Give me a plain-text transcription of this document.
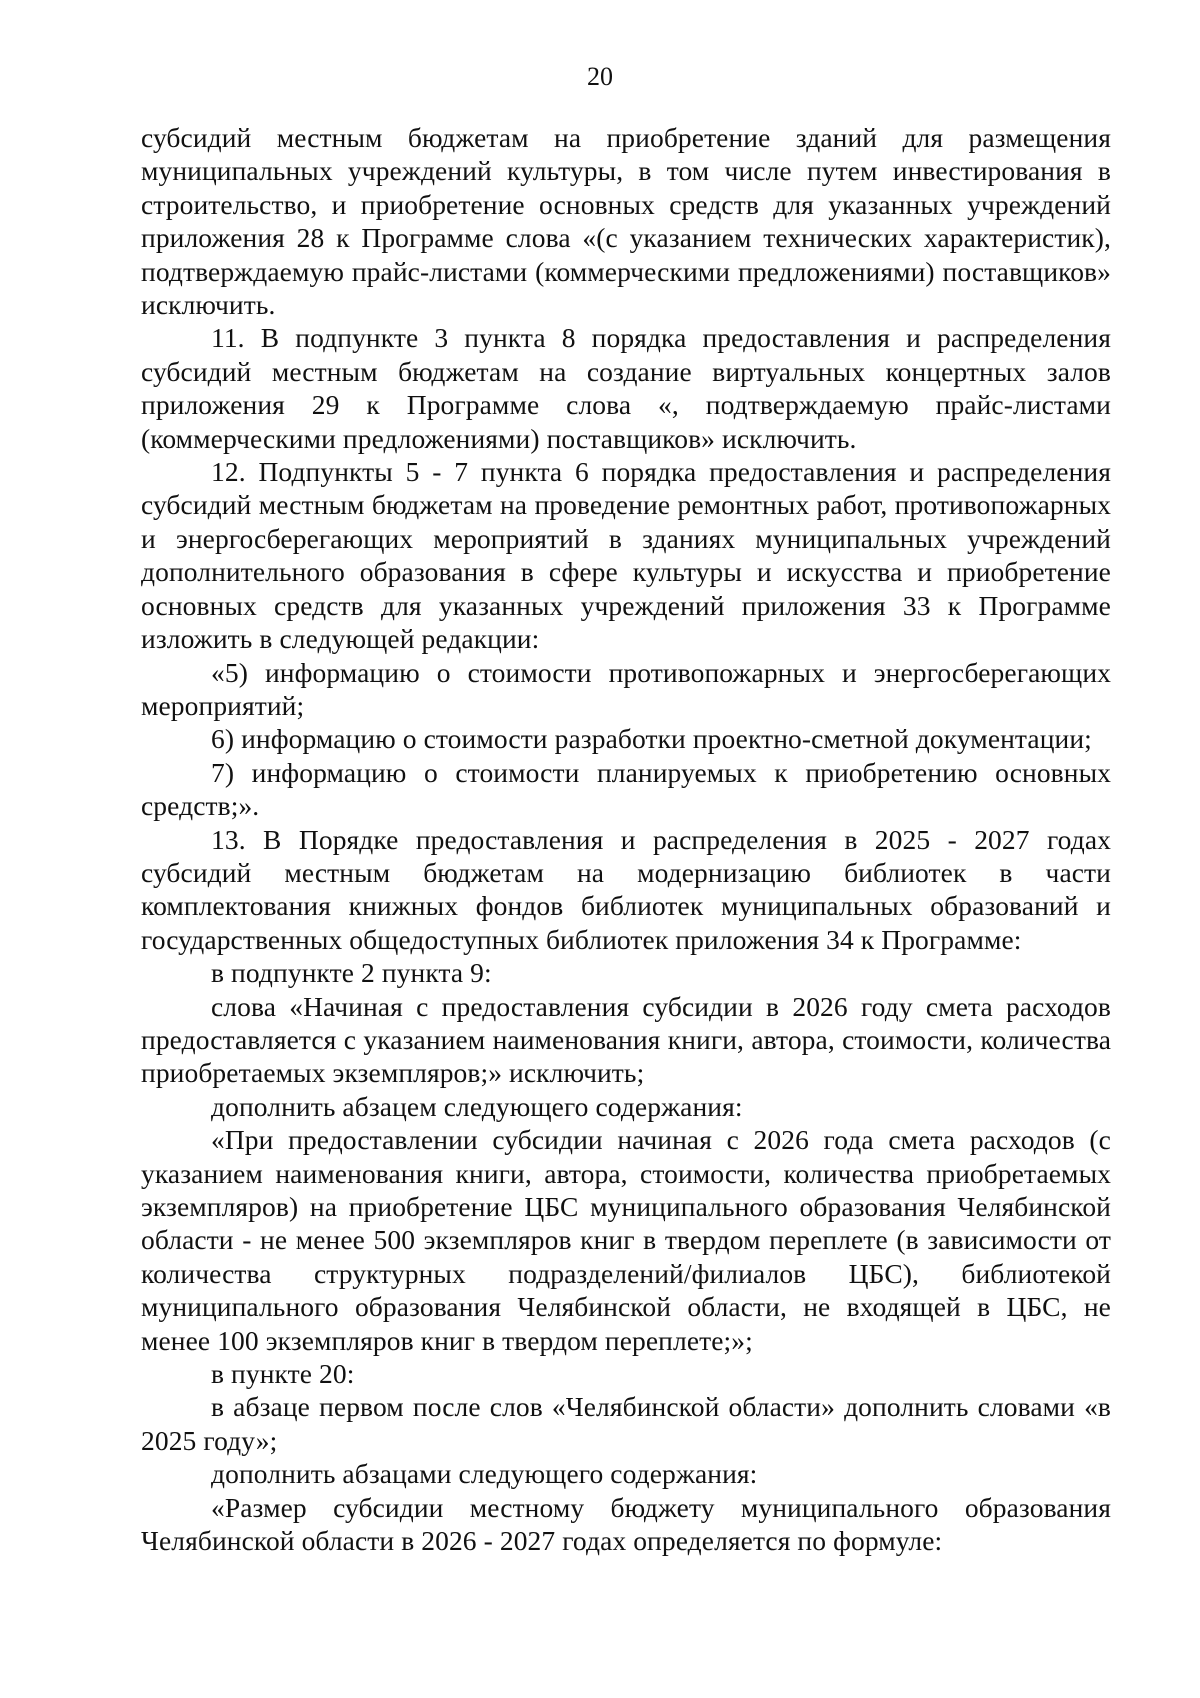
20

субсидий местным бюджетам на приобретение зданий для размещения муниципальных учреждений культуры, в том числе путем инвестирования в строительство, и приобретение основных средств для указанных учреждений приложения 28 к Программе слова «(с указанием технических характеристик), подтверждаемую прайс-листами (коммерческими предложениями) поставщиков» исключить.

11. В подпункте 3 пункта 8 порядка предоставления и распределения субсидий местным бюджетам на создание виртуальных концертных залов приложения 29 к Программе слова «, подтверждаемую прайс-листами (коммерческими предложениями) поставщиков» исключить.

12. Подпункты 5 - 7 пункта 6 порядка предоставления и распределения субсидий местным бюджетам на проведение ремонтных работ, противопожарных и энергосберегающих мероприятий в зданиях муниципальных учреждений дополнительного образования в сфере культуры и искусства и приобретение основных средств для указанных учреждений приложения 33 к Программе изложить в следующей редакции:

«5) информацию о стоимости противопожарных и энергосберегающих мероприятий;

6) информацию о стоимости разработки проектно-сметной документации;

7) информацию о стоимости планируемых к приобретению основных средств;».

13. В Порядке предоставления и распределения в 2025 - 2027 годах субсидий местным бюджетам на модернизацию библиотек в части комплектования книжных фондов библиотек муниципальных образований и государственных общедоступных библиотек приложения 34 к Программе:

в подпункте 2 пункта 9:

слова «Начиная с предоставления субсидии в 2026 году смета расходов предоставляется с указанием наименования книги, автора, стоимости, количества приобретаемых экземпляров;» исключить;

дополнить абзацем следующего содержания:

«При предоставлении субсидии начиная с 2026 года смета расходов (с указанием наименования книги, автора, стоимости, количества приобретаемых экземпляров) на приобретение ЦБС муниципального образования Челябинской области - не менее 500 экземпляров книг в твердом переплете (в зависимости от количества структурных подразделений/филиалов ЦБС), библиотекой муниципального образования Челябинской области, не входящей в ЦБС, не менее 100 экземпляров книг в твердом переплете;»;

в пункте 20:

в абзаце первом после слов «Челябинской области» дополнить словами «в 2025 году»;

дополнить абзацами следующего содержания:

«Размер субсидии местному бюджету муниципального образования Челябинской области в 2026 - 2027 годах определяется по формуле:
